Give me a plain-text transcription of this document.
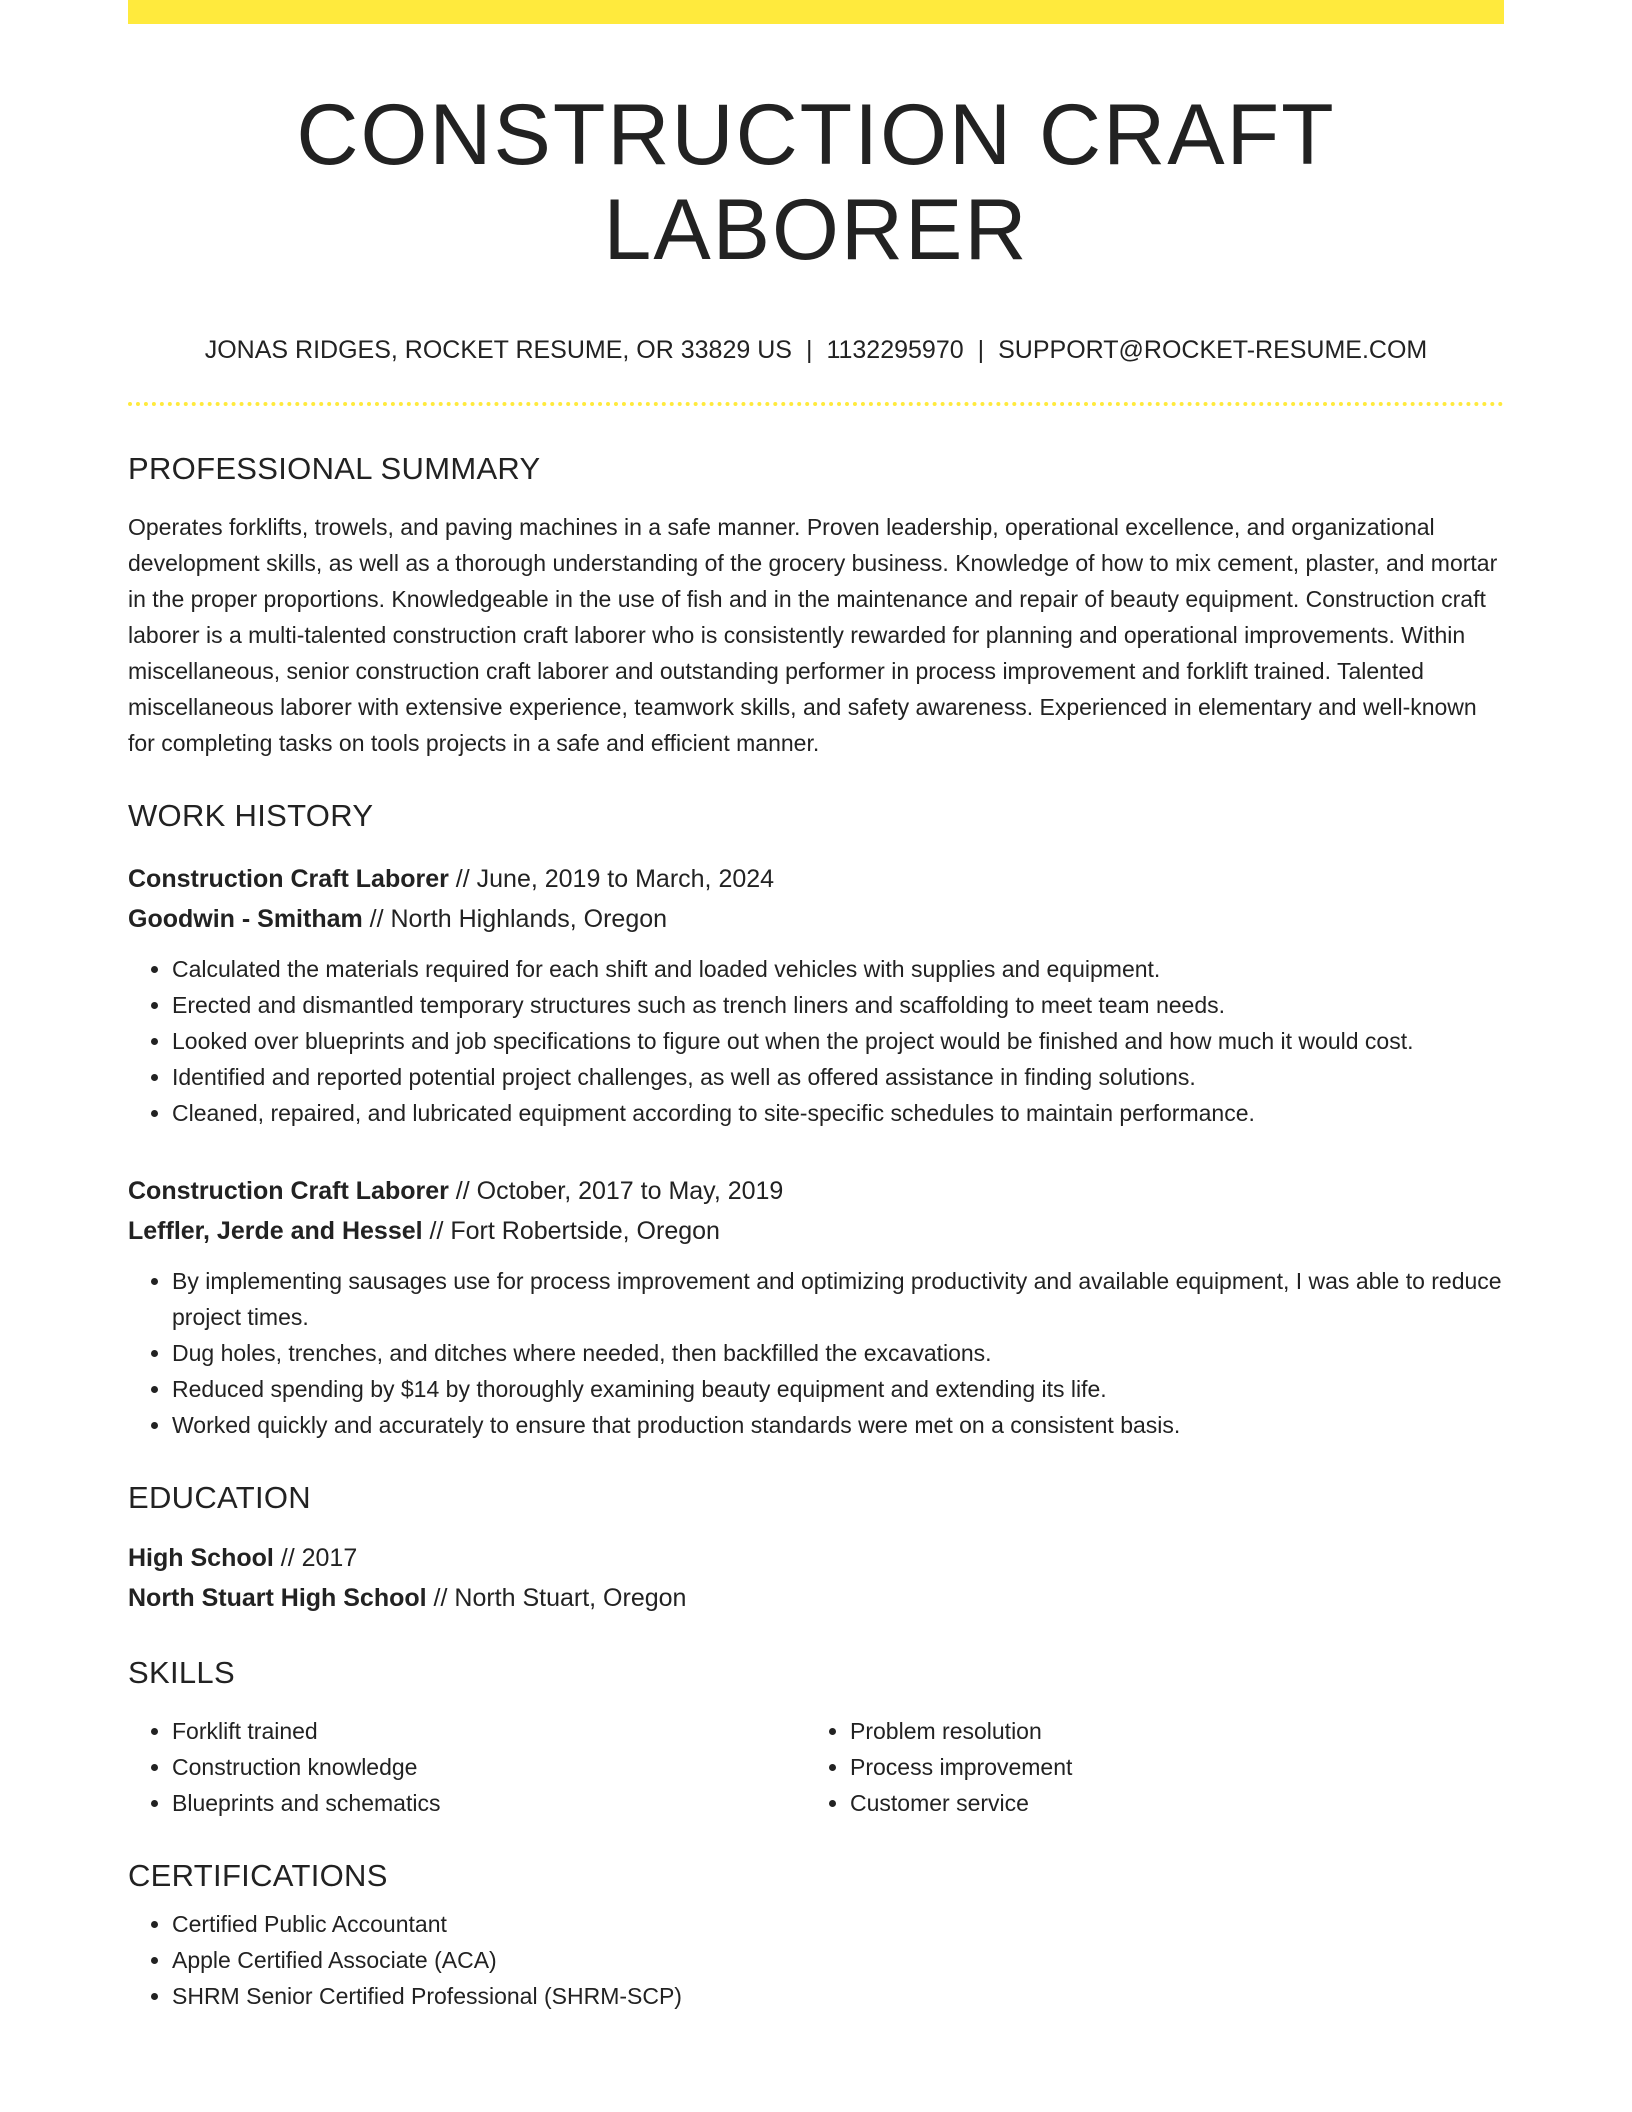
CONSTRUCTION CRAFT LABORER
JONAS RIDGES, ROCKET RESUME, OR 33829 US | 1132295970 | SUPPORT@ROCKET-RESUME.COM
PROFESSIONAL SUMMARY
Operates forklifts, trowels, and paving machines in a safe manner. Proven leadership, operational excellence, and organizational development skills, as well as a thorough understanding of the grocery business. Knowledge of how to mix cement, plaster, and mortar in the proper proportions. Knowledgeable in the use of fish and in the maintenance and repair of beauty equipment. Construction craft laborer is a multi-talented construction craft laborer who is consistently rewarded for planning and operational improvements. Within miscellaneous, senior construction craft laborer and outstanding performer in process improvement and forklift trained. Talented miscellaneous laborer with extensive experience, teamwork skills, and safety awareness. Experienced in elementary and well-known for completing tasks on tools projects in a safe and efficient manner.
WORK HISTORY
Construction Craft Laborer // June, 2019 to March, 2024
Goodwin - Smitham // North Highlands, Oregon
• Calculated the materials required for each shift and loaded vehicles with supplies and equipment.
• Erected and dismantled temporary structures such as trench liners and scaffolding to meet team needs.
• Looked over blueprints and job specifications to figure out when the project would be finished and how much it would cost.
• Identified and reported potential project challenges, as well as offered assistance in finding solutions.
• Cleaned, repaired, and lubricated equipment according to site-specific schedules to maintain performance.
Construction Craft Laborer // October, 2017 to May, 2019
Leffler, Jerde and Hessel // Fort Robertside, Oregon
• By implementing sausages use for process improvement and optimizing productivity and available equipment, I was able to reduce project times.
• Dug holes, trenches, and ditches where needed, then backfilled the excavations.
• Reduced spending by $14 by thoroughly examining beauty equipment and extending its life.
• Worked quickly and accurately to ensure that production standards were met on a consistent basis.
EDUCATION
High School // 2017
North Stuart High School // North Stuart, Oregon
SKILLS
• Forklift trained
• Construction knowledge
• Blueprints and schematics
• Problem resolution
• Process improvement
• Customer service
CERTIFICATIONS
• Certified Public Accountant
• Apple Certified Associate (ACA)
• SHRM Senior Certified Professional (SHRM-SCP)
